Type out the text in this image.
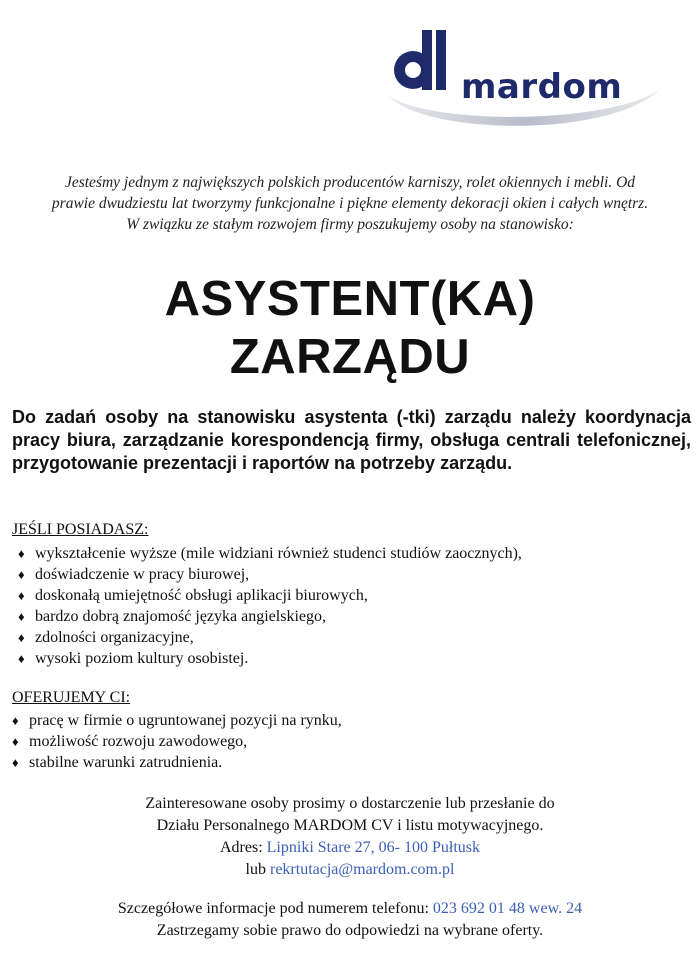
mardom
Jesteśmy jednym z największych polskich producentów karniszy, rolet okiennych i mebli. Od
prawie dwudziestu lat tworzymy funkcjonalne i piękne elementy dekoracji okien i całych wnętrz.
W związku ze stałym rozwojem firmy poszukujemy osoby na stanowisko:
ASYSTENT(KA)
ZARZĄDU
Do zadań osoby na stanowisku asystenta (-tki) zarządu należy koordynacja pracy biura, zarządzanie korespondencją firmy, obsługa centrali telefonicznej, przygotowanie prezentacji i raportów na potrzeby zarządu.
JEŚLI POSIADASZ:
♦ wykształcenie wyższe (mile widziani również studenci studiów zaocznych),
♦ doświadczenie w pracy biurowej,
♦ doskonałą umiejętność obsługi aplikacji biurowych,
♦ bardzo dobrą znajomość języka angielskiego,
♦ zdolności organizacyjne,
♦ wysoki poziom kultury osobistej.
OFERUJEMY CI:
♦ pracę w firmie o ugruntowanej pozycji na rynku,
♦ możliwość rozwoju zawodowego,
♦ stabilne warunki zatrudnienia.
Zainteresowane osoby prosimy o dostarczenie lub przesłanie do
Działu Personalnego MARDOM CV i listu motywacyjnego.
Adres: Lipniki Stare 27, 06- 100 Pułtusk
lub rekrtutacja@mardom.com.pl
Szczegółowe informacje pod numerem telefonu: 023 692 01 48 wew. 24
Zastrzegamy sobie prawo do odpowiedzi na wybrane oferty.
